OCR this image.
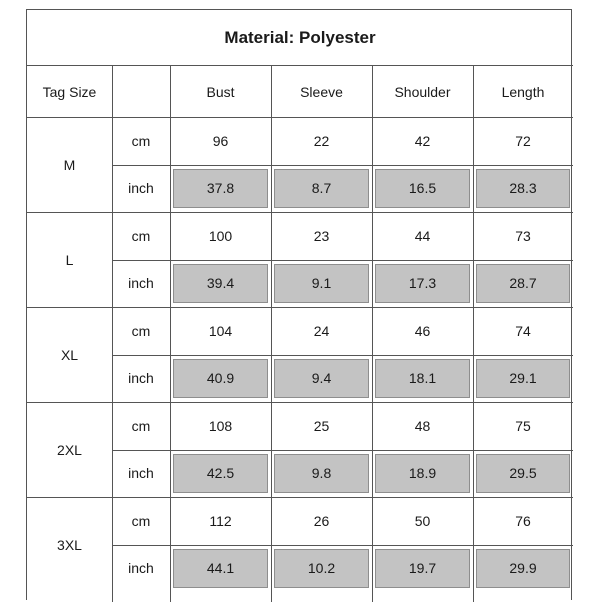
Material: Polyester
Tag Size	Bust	Sleeve	Shoulder	Length
M
cm	96	22	42	72
inch	37.8	8.7	16.5	28.3
L
cm	100	23	44	73
inch	39.4	9.1	17.3	28.7
XL
cm	104	24	46	74
inch	40.9	9.4	18.1	29.1
2XL
cm	108	25	48	75
inch	42.5	9.8	18.9	29.5
3XL
cm	112	26	50	76
inch	44.1	10.2	19.7	29.9
